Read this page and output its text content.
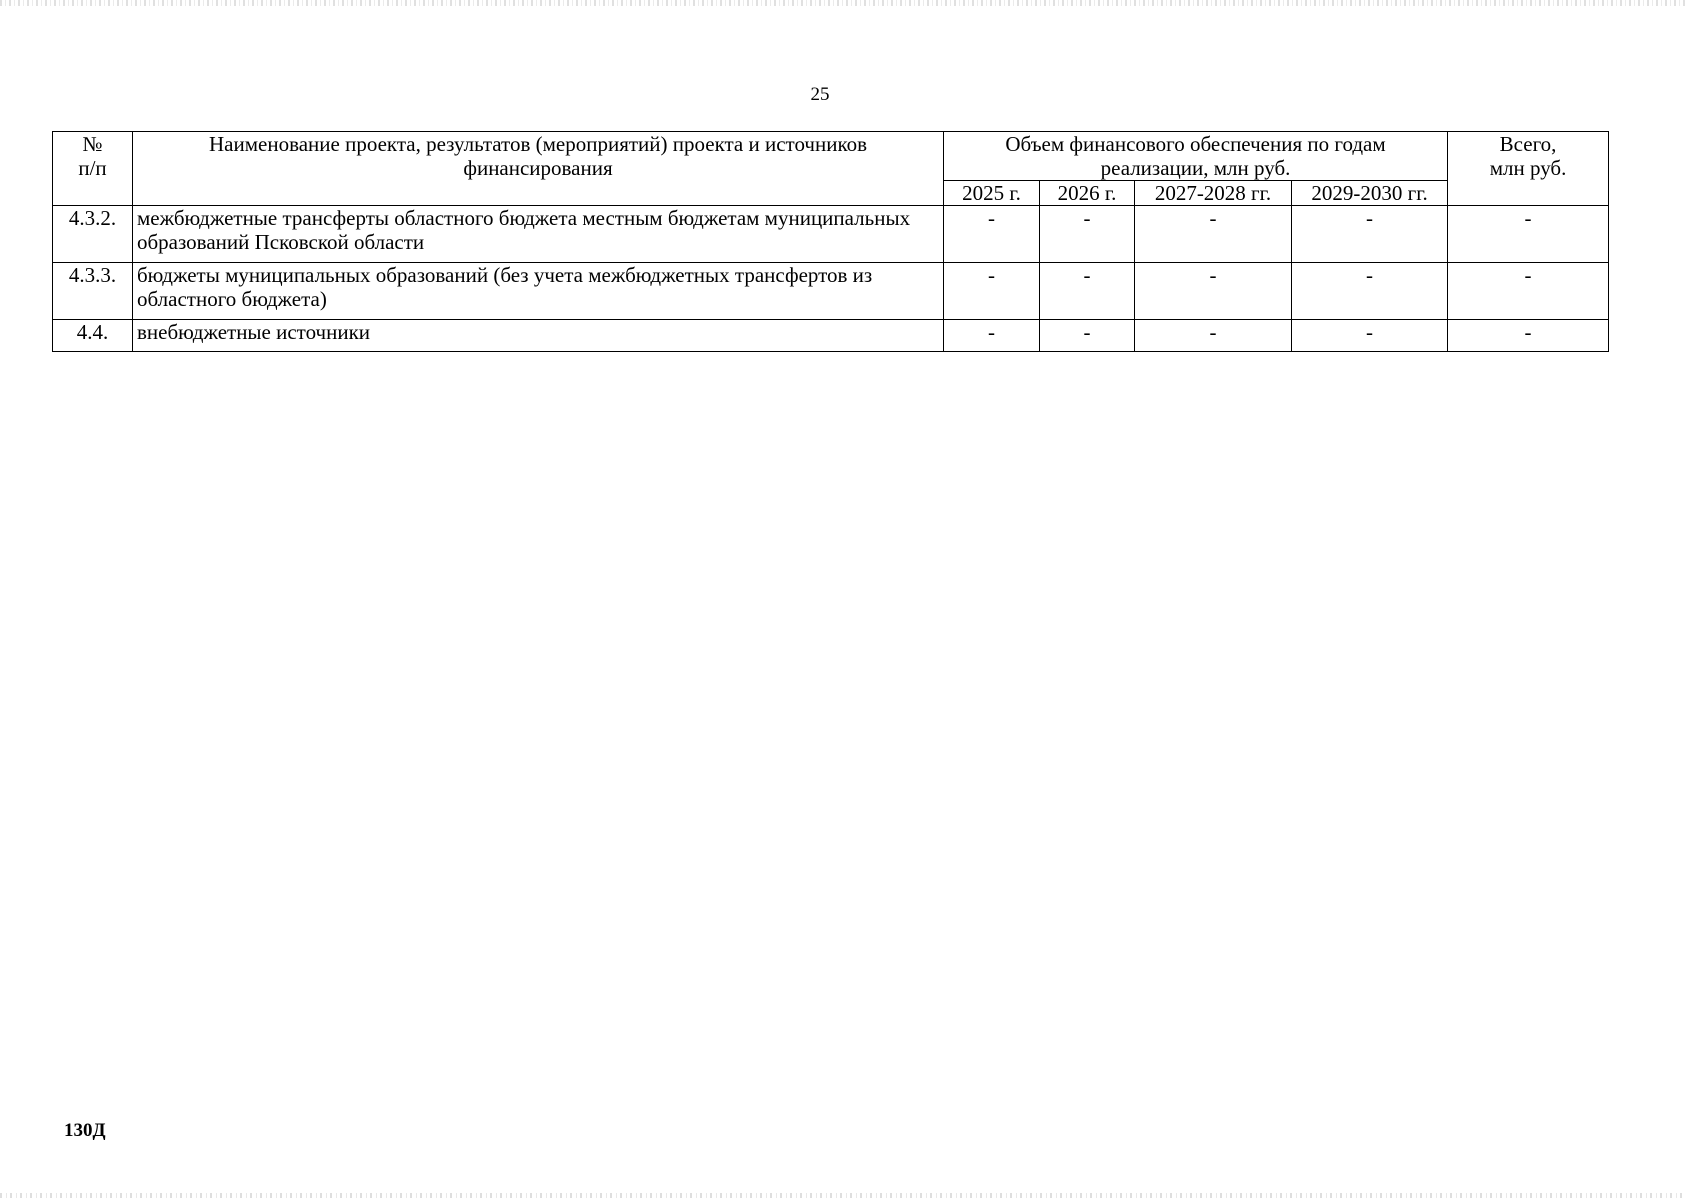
25
№
п/п	Наименование проекта, результатов (мероприятий) проекта и источников финансирования	Объем финансового обеспечения по годам реализации, млн руб.				Всего,
млн руб.
		2025 г.	2026 г.	2027-2028 гг.	2029-2030 гг.	
4.3.2.	межбюджетные трансферты областного бюджета местным бюджетам муниципальных образований Псковской области	-	-	-	-	-
4.3.3.	бюджеты муниципальных образований (без учета межбюджетных трансфертов из областного бюджета)	-	-	-	-	-
4.4.	внебюджетные источники	-	-	-	-	-
130Д
